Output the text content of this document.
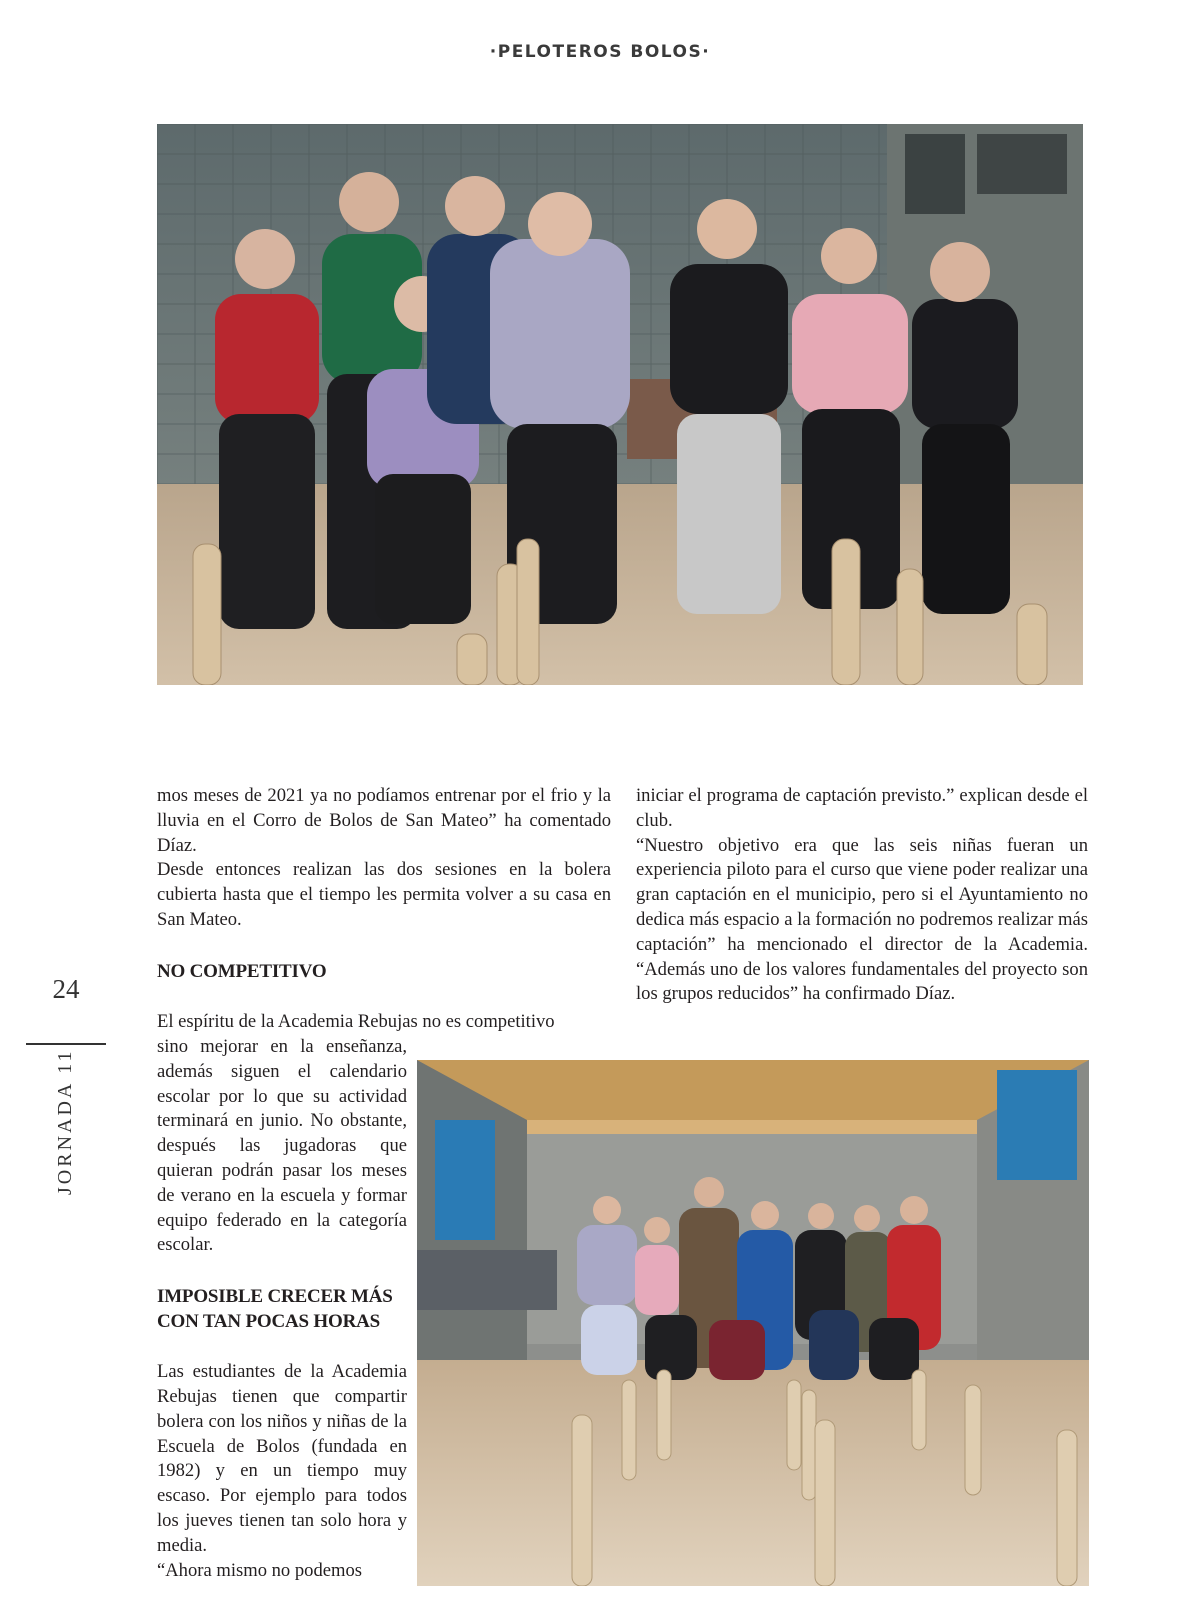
·PELOTEROS BOLOS·

mos meses de 2021 ya no podíamos entrenar por el frio y la lluvia en el Corro de Bolos de San Mateo” ha comentado Díaz.

Desde entonces realizan las dos sesiones en la bolera cubierta hasta que el tiempo les permita volver a su casa en San Mateo.

NO COMPETITIVO

El espíritu de la Academia Rebujas no es competitivo

iniciar el programa de captación previsto.” explican desde el club.

“Nuestro objetivo era que las seis niñas fueran un experiencia piloto para el curso que viene poder realizar una gran captación en el municipio, pero si el Ayuntamiento no dedica más espacio a la formación no podremos realizar más captación” ha mencionado el director de la Academia. “Además uno de los valores fundamentales del proyecto son los grupos reducidos” ha confirmado Díaz.

sino mejorar en la enseñanza, además siguen el calendario escolar por lo que su actividad terminará en junio. No obstante, después las jugadoras que quieran podrán pasar los meses de verano en la escuela y formar equipo federado en la categoría escolar.

IMPOSIBLE CRECER MÁS CON TAN POCAS HORAS

Las estudiantes de la Academia Rebujas tienen que compartir bolera con los niños y niñas de la Escuela de Bolos (fundada en 1982) y en un tiempo muy escaso. Por ejemplo para todos los jueves tienen tan solo hora y media.

“Ahora mismo no podemos

24
JORNADA 11
